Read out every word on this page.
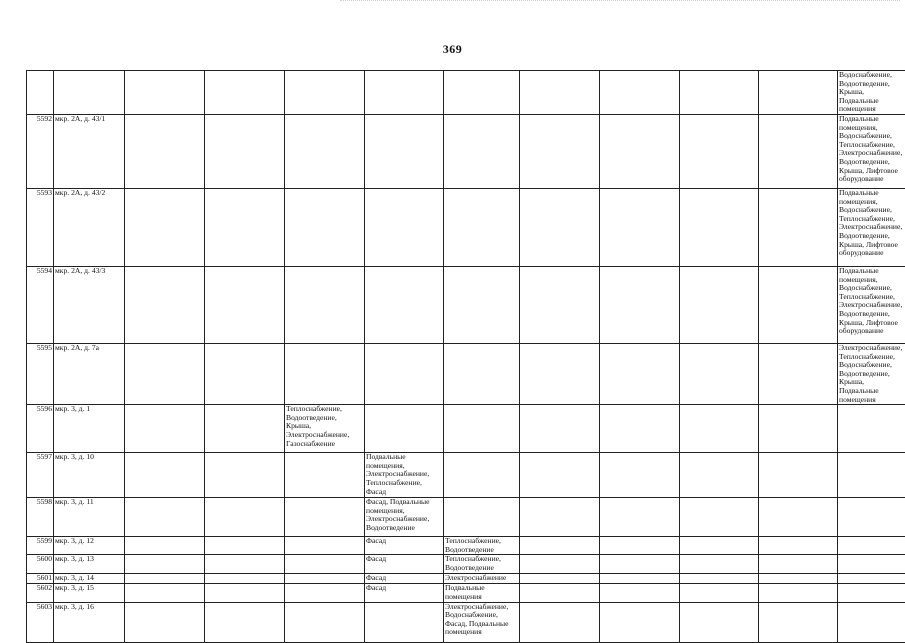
369
											Водоснабжение, Водоотведение, Крыша, Подвальные помещения
5592	мкр. 2А, д. 43/1										Подвальные помещения, Водоснабжение, Теплоснабжение, Электроснабжение, Водоотведение, Крыша, Лифтовое оборудование
5593	мкр. 2А, д. 43/2										Подвальные помещения, Водоснабжение, Теплоснабжение, Электроснабжение, Водоотведение, Крыша, Лифтовое оборудование
5594	мкр. 2А, д. 43/3										Подвальные помещения, Водоснабжение, Теплоснабжение, Электроснабжение, Водоотведение, Крыша, Лифтовое оборудование
5595	мкр. 2А, д. 7а										Электроснабжение, Теплоснабжение, Водоснабжение, Водоотведение, Крыша, Подвальные помещения
5596	мкр. 3, д. 1			Теплоснабжение, Водоотведение, Крыша, Электроснабжение, Газоснабжение							
5597	мкр. 3, д. 10				Подвальные помещения, Электроснабжение, Теплоснабжение, Фасад						
5598	мкр. 3, д. 11				Фасад, Подвальные помещения, Электроснабжение, Водоотведение						
5599	мкр. 3, д. 12				Фасад	Теплоснабжение, Водоотведение					
5600	мкр. 3, д. 13				Фасад	Теплоснабжение, Водоотведение					
5601	мкр. 3, д. 14				Фасад	Электроснабжение					
5602	мкр. 3, д. 15				Фасад	Подвальные помещения					
5603	мкр. 3, д. 16					Электроснабжение, Водоснабжение, Фасад, Подвальные помещения					
